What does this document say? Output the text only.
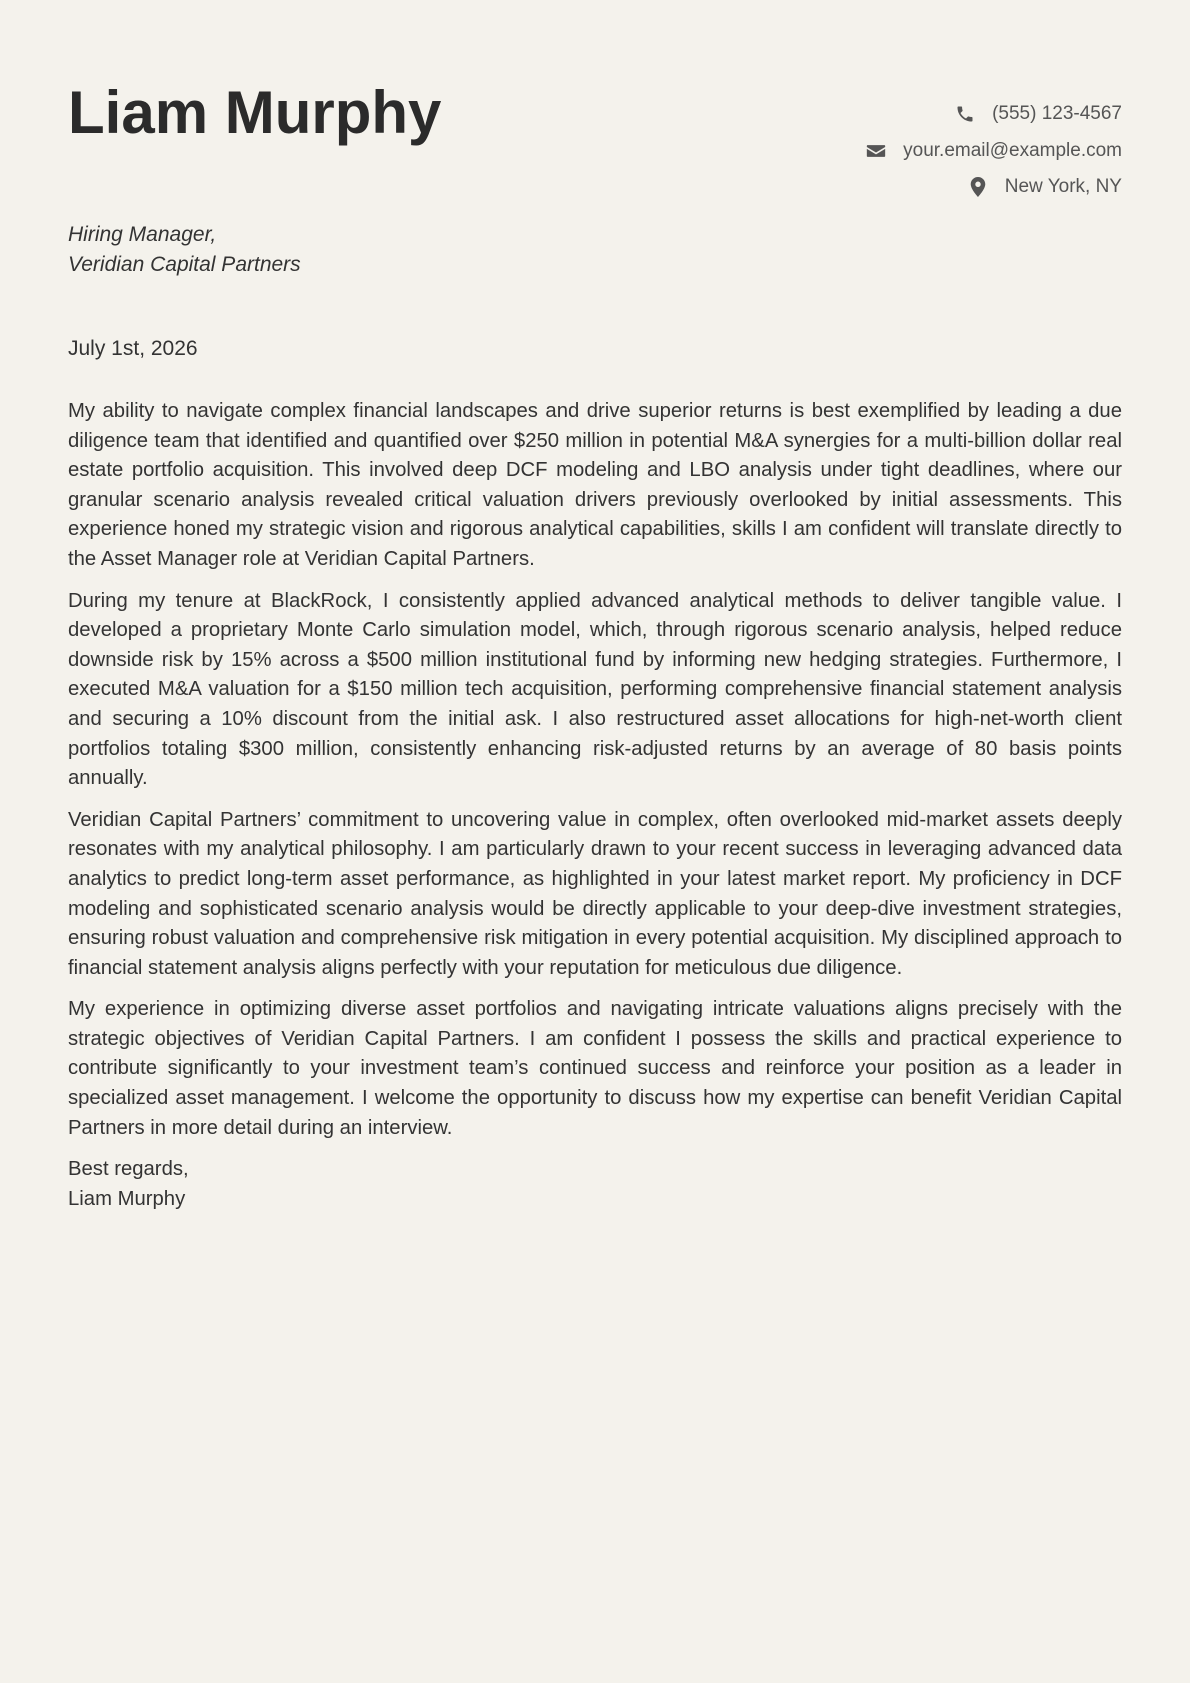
Liam Murphy	(555) 123-4567
your.email@example.com
New York, NY
Hiring Manager,
Veridian Capital Partners
July 1st, 2026

My ability to navigate complex financial landscapes and drive superior returns is best exemplified by leading a due diligence team that identified and quantified over $250 million in potential M&A synergies for a multi-billion dollar real estate portfolio acquisition. This involved deep DCF modeling and LBO analysis under tight deadlines, where our granular scenario analysis revealed critical valuation drivers previously overlooked by initial assessments. This experience honed my strategic vision and rigorous analytical capabilities, skills I am confident will translate directly to the Asset Manager role at Veridian Capital Partners.

During my tenure at BlackRock, I consistently applied advanced analytical methods to deliver tangible value. I developed a proprietary Monte Carlo simulation model, which, through rigorous scenario analysis, helped reduce downside risk by 15% across a $500 million institutional fund by informing new hedging strategies. Furthermore, I executed M&A valuation for a $150 million tech acquisition, performing comprehensive financial statement analysis and securing a 10% discount from the initial ask. I also restructured asset allocations for high-net-worth client portfolios totaling $300 million, consistently enhancing risk-adjusted returns by an average of 80 basis points annually.

Veridian Capital Partners’ commitment to uncovering value in complex, often overlooked mid-market assets deeply resonates with my analytical philosophy. I am particularly drawn to your recent success in leveraging advanced data analytics to predict long-term asset performance, as highlighted in your latest market report. My proficiency in DCF modeling and sophisticated scenario analysis would be directly applicable to your deep-dive investment strategies, ensuring robust valuation and comprehensive risk mitigation in every potential acquisition. My disciplined approach to financial statement analysis aligns perfectly with your reputation for meticulous due diligence.

My experience in optimizing diverse asset portfolios and navigating intricate valuations aligns precisely with the strategic objectives of Veridian Capital Partners. I am confident I possess the skills and practical experience to contribute significantly to your investment team’s continued success and reinforce your position as a leader in specialized asset management. I welcome the opportunity to discuss how my expertise can benefit Veridian Capital Partners in more detail during an interview.

Best regards,
Liam Murphy
